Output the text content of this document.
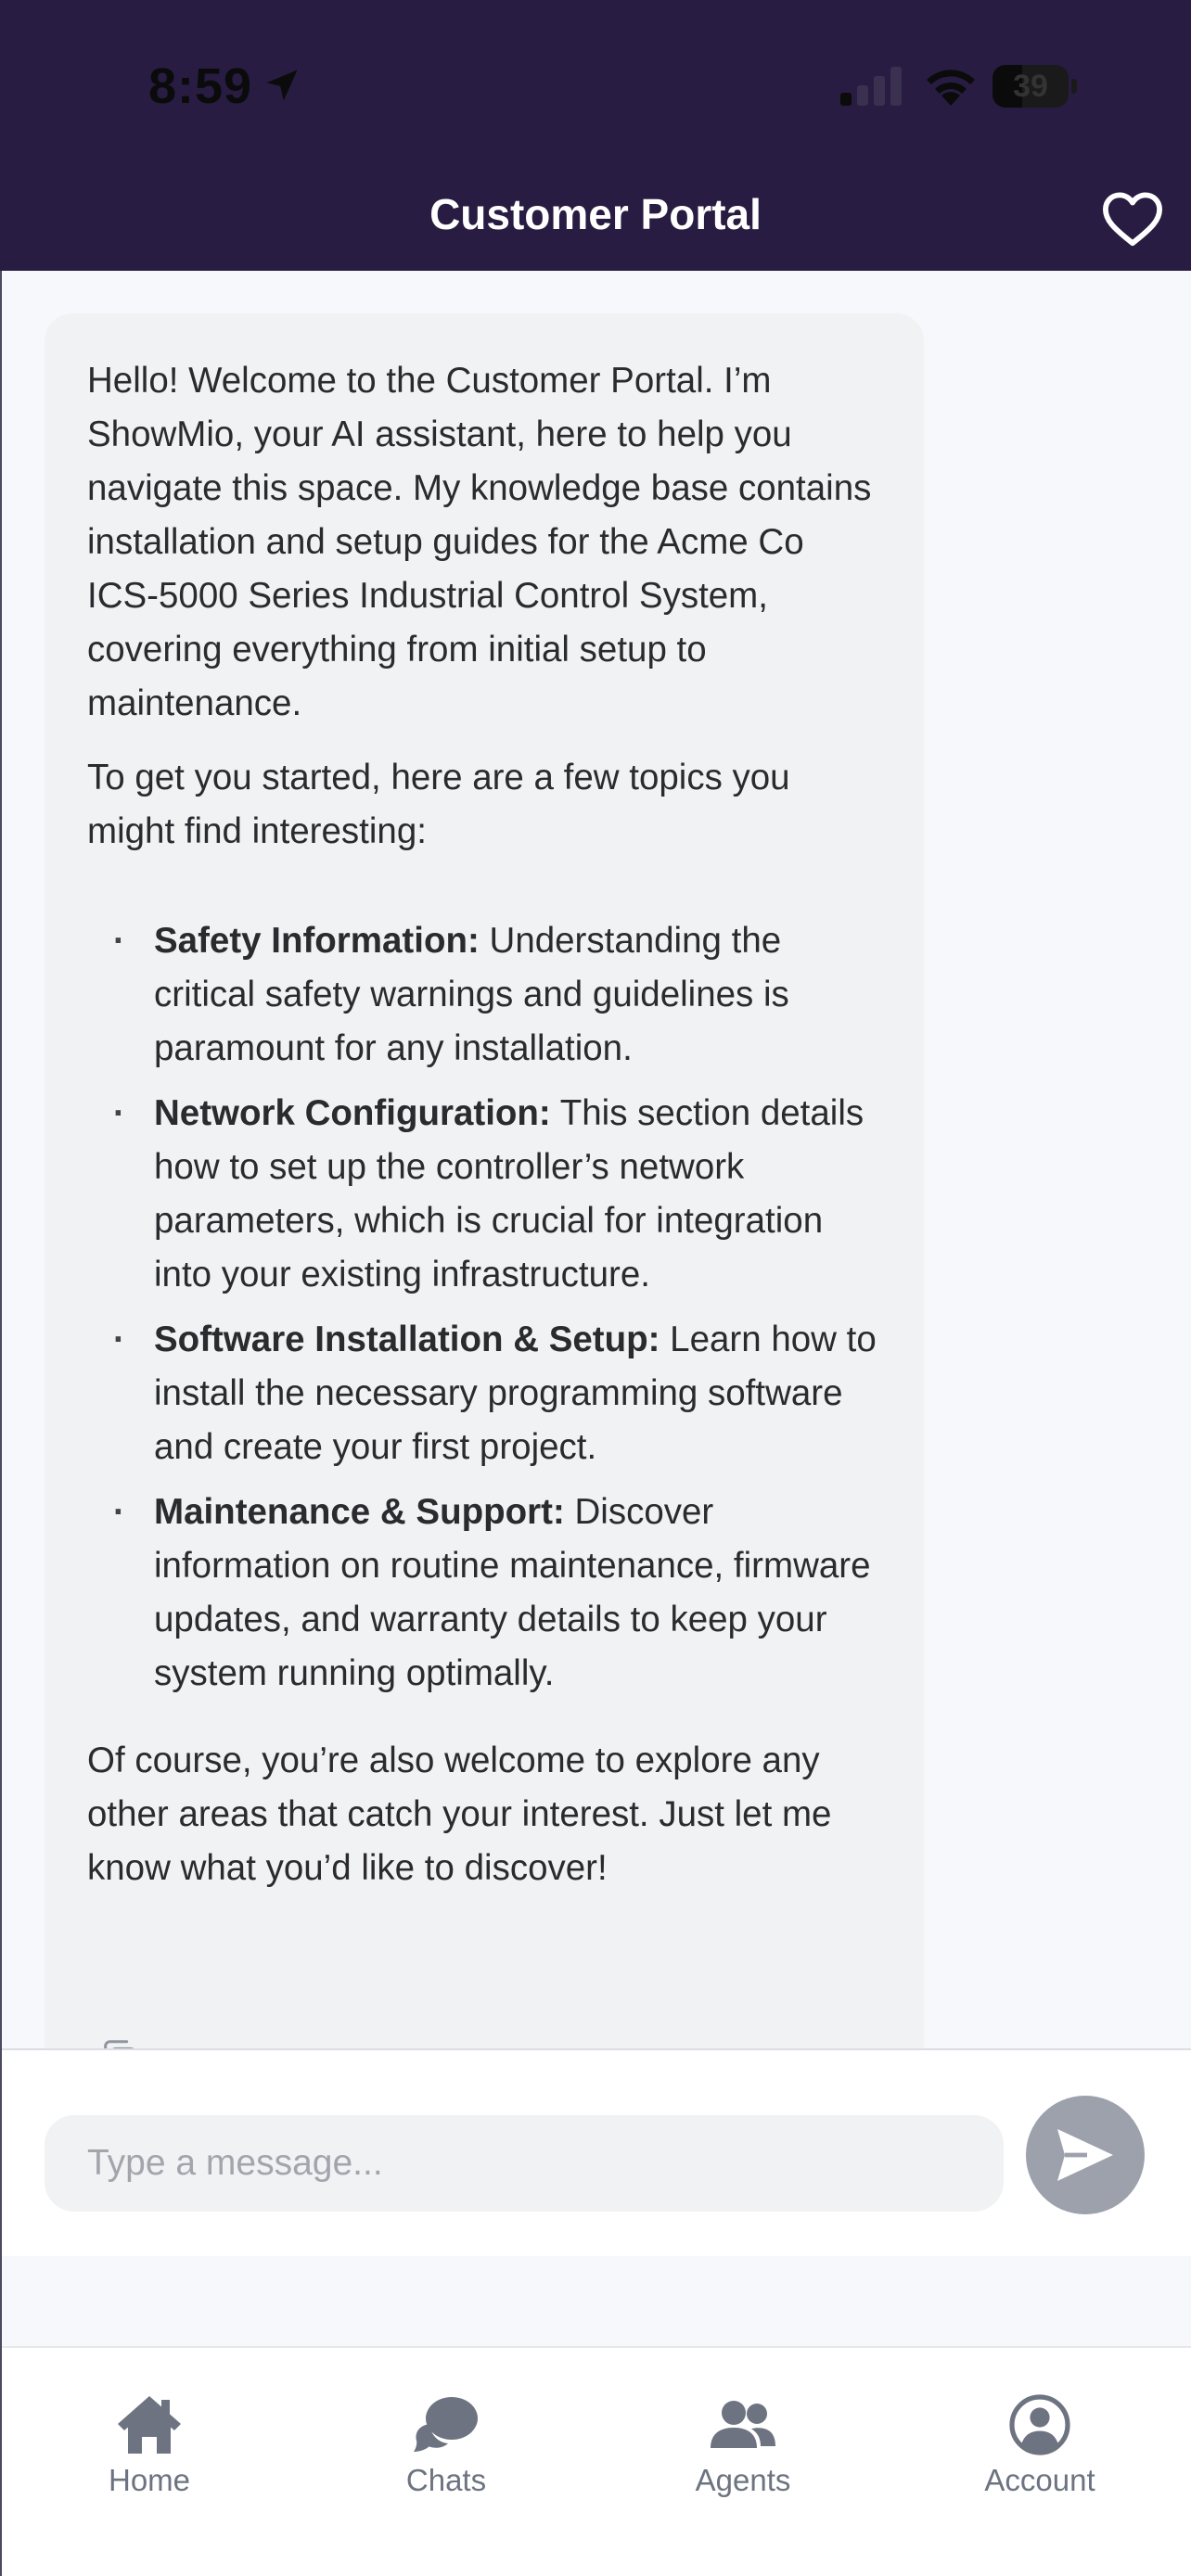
8:59	39
Customer Portal

Hello! Welcome to the Customer Portal. I’m ShowMio, your AI assistant, here to help you navigate this space. My knowledge base contains installation and setup guides for the Acme Co ICS-5000 Series Industrial Control System, covering everything from initial setup to maintenance.

To get you started, here are a few topics you might find interesting:

· Safety Information: Understanding the critical safety warnings and guidelines is paramount for any installation.
· Network Configuration: This section details how to set up the controller’s network parameters, which is crucial for integration into your existing infrastructure.
· Software Installation & Setup: Learn how to install the necessary programming software and create your first project.
· Maintenance & Support: Discover information on routine maintenance, firmware updates, and warranty details to keep your system running optimally.

Of course, you’re also welcome to explore any other areas that catch your interest. Just let me know what you’d like to discover!

Type a message...
Home	Chats	Agents	Account
